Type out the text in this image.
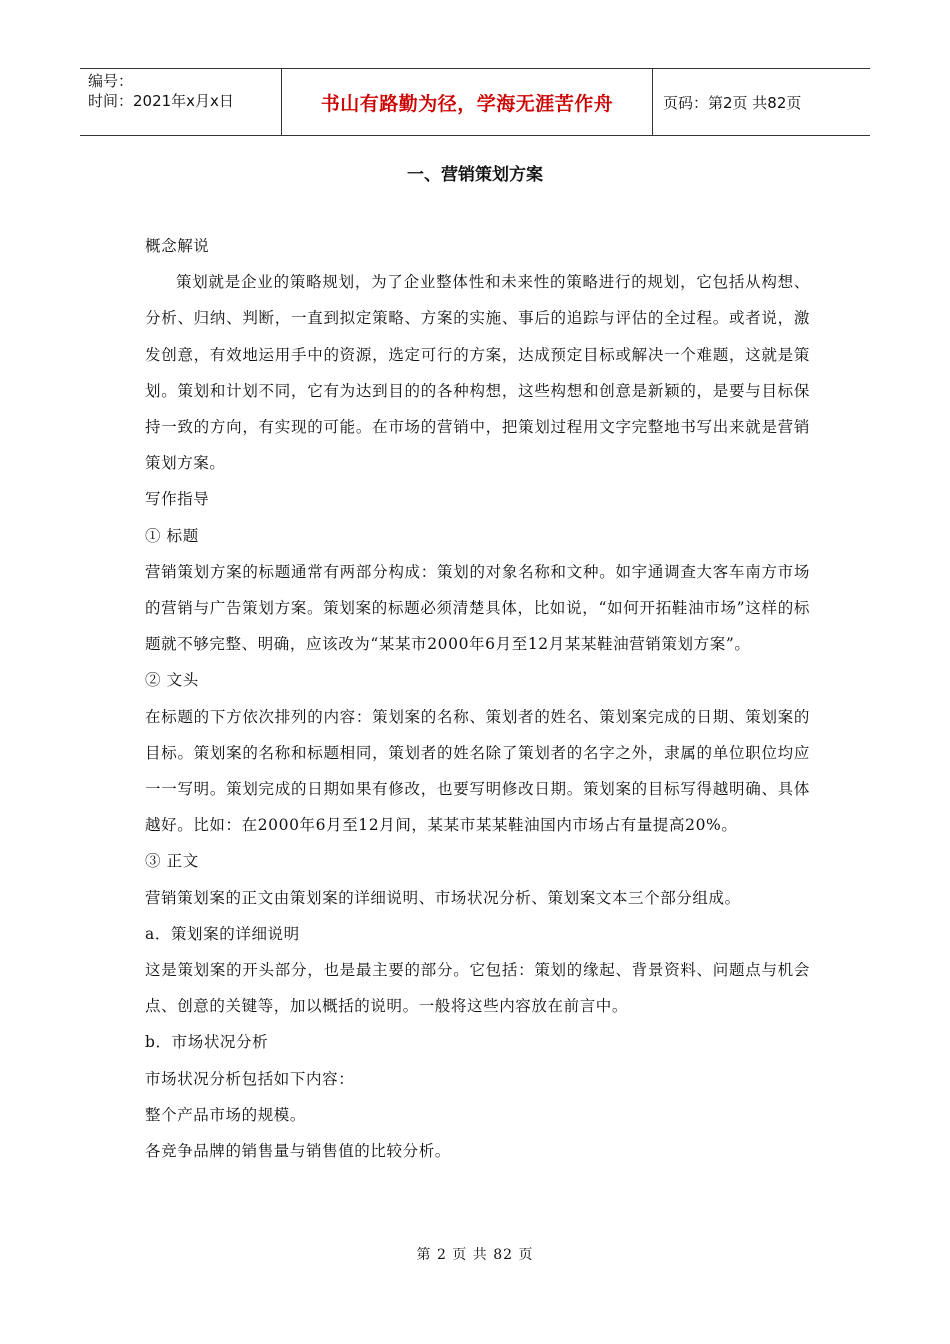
编号：
时间：2021年x月x日	书山有路勤为径，学海无涯苦作舟	页码：第2页 共82页
一、营销策划方案

概念解说

策划就是企业的策略规划，为了企业整体性和未来性的策略进行的规划，它包括从构想、分析、归纳、判断，一直到拟定策略、方案的实施、事后的追踪与评估的全过程。或者说，激发创意，有效地运用手中的资源，选定可行的方案，达成预定目标或解决一个难题，这就是策划。策划和计划不同，它有为达到目的的各种构想，这些构想和创意是新颖的，是要与目标保持一致的方向，有实现的可能。在市场的营销中，把策划过程用文字完整地书写出来就是营销策划方案。

写作指导

① 标题

营销策划方案的标题通常有两部分构成：策划的对象名称和文种。如宇通调查大客车南方市场的营销与广告策划方案。策划案的标题必须清楚具体，比如说，“如何开拓鞋油市场”这样的标题就不够完整、明确，应该改为“某某市2000年6月至12月某某鞋油营销策划方案”。

② 文头

在标题的下方依次排列的内容：策划案的名称、策划者的姓名、策划案完成的日期、策划案的目标。策划案的名称和标题相同，策划者的姓名除了策划者的名字之外，隶属的单位职位均应一一写明。策划完成的日期如果有修改，也要写明修改日期。策划案的目标写得越明确、具体越好。比如：在2000年6月至12月间，某某市某某鞋油国内市场占有量提高20%。

③ 正文

营销策划案的正文由策划案的详细说明、市场状况分析、策划案文本三个部分组成。

a．策划案的详细说明

这是策划案的开头部分，也是最主要的部分。它包括：策划的缘起、背景资料、问题点与机会点、创意的关键等，加以概括的说明。一般将这些内容放在前言中。

b．市场状况分析

市场状况分析包括如下内容：

整个产品市场的规模。

各竞争品牌的销售量与销售值的比较分析。

第 2 页 共 82 页
